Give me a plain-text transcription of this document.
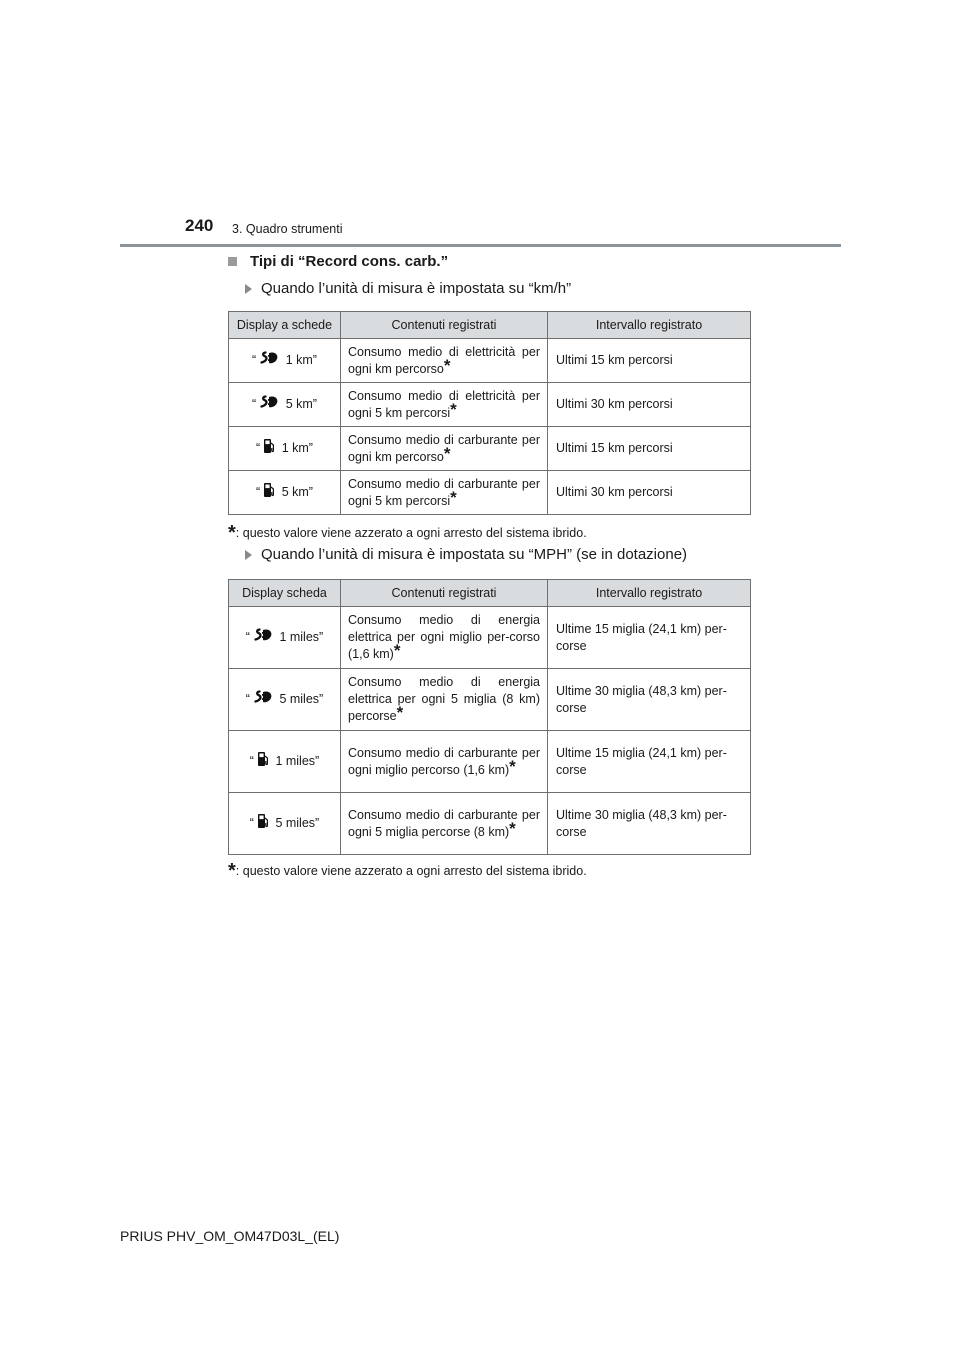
240 3. Quadro strumenti
Tipi di “Record cons. carb.”
Quando l’unità di misura è impostata su “km/h”
Display a schede	Contenuti registrati	Intervallo registrato
“ 1 km”	Consumo medio di elettricità per ogni km percorso*	Ultimi 15 km percorsi
“ 5 km”	Consumo medio di elettricità per ogni 5 km percorsi*	Ultimi 30 km percorsi
“ 1 km”	Consumo medio di carburante per ogni km percorso*	Ultimi 15 km percorsi
“ 5 km”	Consumo medio di carburante per ogni 5 km percorsi*	Ultimi 30 km percorsi
*: questo valore viene azzerato a ogni arresto del sistema ibrido.
Quando l’unità di misura è impostata su “MPH” (se in dotazione)
Display scheda	Contenuti registrati	Intervallo registrato
“ 1 miles”	Consumo medio di energia elettrica per ogni miglio per-corso (1,6 km)*	Ultime 15 miglia (24,1 km) per-corse
“ 5 miles”	Consumo medio di energia elettrica per ogni 5 miglia (8 km) percorse*	Ultime 30 miglia (48,3 km) per-corse
“ 1 miles”	Consumo medio di carburante per ogni miglio percorso (1,6 km)*	Ultime 15 miglia (24,1 km) per-corse
“ 5 miles”	Consumo medio di carburante per ogni 5 miglia percorse (8 km)*	Ultime 30 miglia (48,3 km) per-corse
*: questo valore viene azzerato a ogni arresto del sistema ibrido.
PRIUS PHV_OM_OM47D03L_(EL)
